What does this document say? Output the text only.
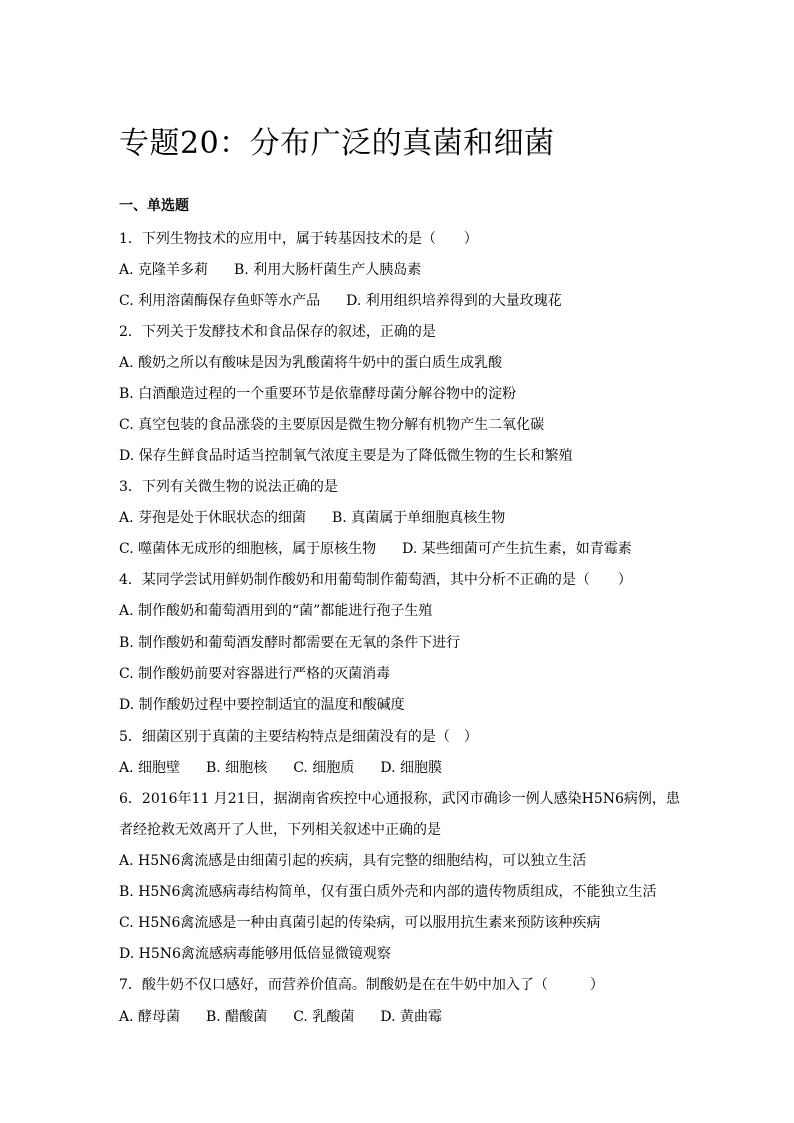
专题20：分布广泛的真菌和细菌
一、单选题
1．下列生物技术的应用中，属于转基因技术的是（　　）
A. 克隆羊多莉 B. 利用大肠杆菌生产人胰岛素
C. 利用溶菌酶保存鱼虾等水产品 D. 利用组织培养得到的大量玫瑰花
2．下列关于发酵技术和食品保存的叙述，正确的是
A. 酸奶之所以有酸味是因为乳酸菌将牛奶中的蛋白质生成乳酸
B. 白酒酿造过程的一个重要环节是依靠酵母菌分解谷物中的淀粉
C. 真空包装的食品涨袋的主要原因是微生物分解有机物产生二氧化碳
D. 保存生鲜食品时适当控制氧气浓度主要是为了降低微生物的生长和繁殖
3．下列有关微生物的说法正确的是
A. 芽孢是处于休眠状态的细菌 B. 真菌属于单细胞真核生物
C. 噬菌体无成形的细胞核，属于原核生物 D. 某些细菌可产生抗生素，如青霉素
4．某同学尝试用鲜奶制作酸奶和用葡萄制作葡萄酒，其中分析不正确的是（　　）
A. 制作酸奶和葡萄酒用到的“菌”都能进行孢子生殖
B. 制作酸奶和葡萄酒发酵时都需要在无氧的条件下进行
C. 制作酸奶前要对容器进行严格的灭菌消毒
D. 制作酸奶过程中要控制适宜的温度和酸碱度
5．细菌区别于真菌的主要结构特点是细菌没有的是（　）
A. 细胞壁 B. 细胞核 C. 细胞质 D. 细胞膜
6．2016年11 月21日，据湖南省疾控中心通报称，武冈市确诊一例人感染H5N6病例，患
者经抢救无效离开了人世，下列相关叙述中正确的是
A. H5N6禽流感是由细菌引起的疾病，具有完整的细胞结构，可以独立生活
B. H5N6禽流感病毒结构简单，仅有蛋白质外壳和内部的遗传物质组成，不能独立生活
C. H5N6禽流感是一种由真菌引起的传染病，可以服用抗生素来预防该种疾病
D. H5N6禽流感病毒能够用低倍显微镜观察
7．酸牛奶不仅口感好，而营养价值高。制酸奶是在在牛奶中加入了（　　　）
A. 酵母菌 B. 醋酸菌 C. 乳酸菌 D. 黄曲霉
